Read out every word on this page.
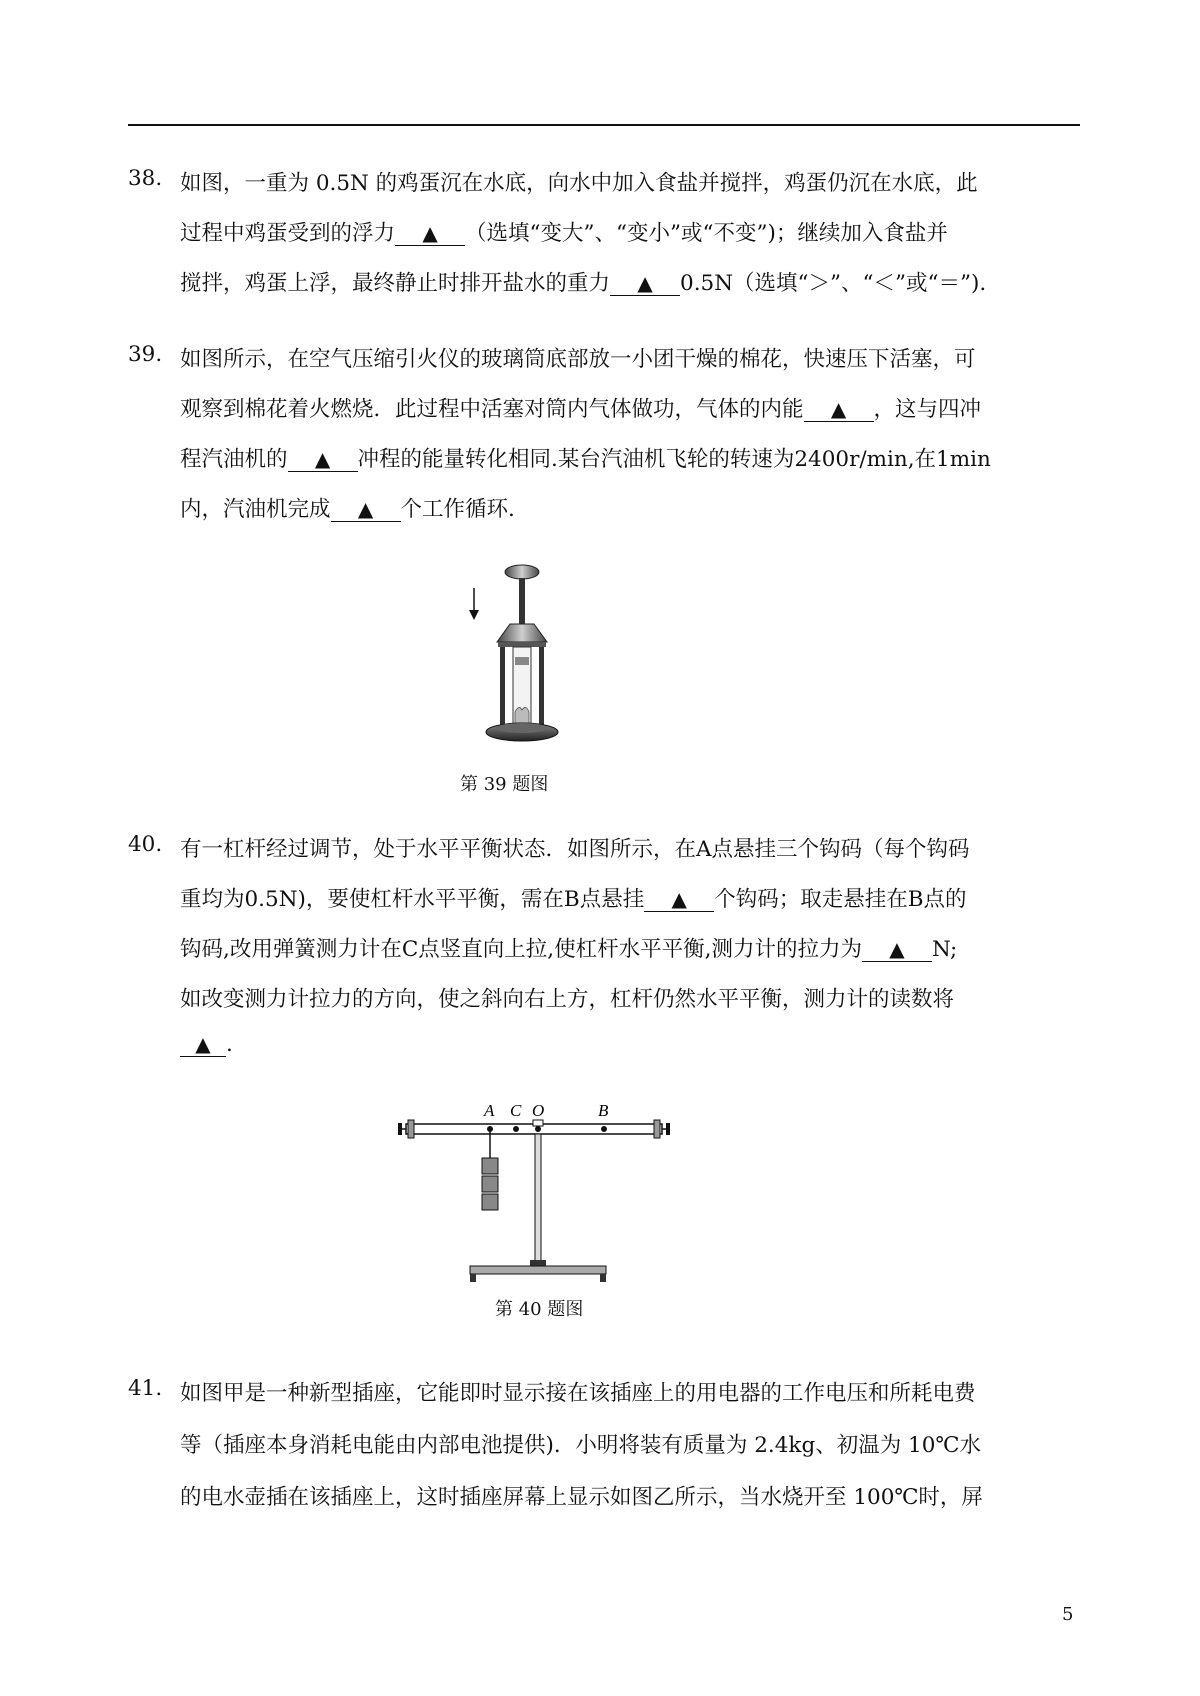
38. 如图，一重为 0.5N 的鸡蛋沉在水底，向水中加入食盐并搅拌，鸡蛋仍沉在水底，此
过程中鸡蛋受到的浮力 ▲ （选填“变大”、“变小”或“不变”)；继续加入食盐并
搅拌，鸡蛋上浮，最终静止时排开盐水的重力 ▲ 0.5N（选填“＞”、“＜”或“＝”).
39. 如图所示，在空气压缩引火仪的玻璃筒底部放一小团干燥的棉花，快速压下活塞，可
观察到棉花着火燃烧．此过程中活塞对筒内气体做功，气体的内能 ▲ ，这与四冲
程汽油机的 ▲ 冲程的能量转化相同.某台汽油机飞轮的转速为2400r/min,在1min
内，汽油机完成 ▲ 个工作循环.
第 39 题图
40. 有一杠杆经过调节，处于水平平衡状态．如图所示，在A点悬挂三个钩码（每个钩码
重均为0.5N)，要使杠杆水平平衡，需在B点悬挂 ▲ 个钩码；取走悬挂在B点的
钩码,改用弹簧测力计在C点竖直向上拉,使杠杆水平平衡,测力计的拉力为 ▲ N;
如改变测力计拉力的方向，使之斜向右上方，杠杆仍然水平平衡，测力计的读数将
▲ .
A C O	B
第 40 题图
41. 如图甲是一种新型插座，它能即时显示接在该插座上的用电器的工作电压和所耗电费
等（插座本身消耗电能由内部电池提供)．小明将装有质量为 2.4kg、初温为 10℃水
的电水壶插在该插座上，这时插座屏幕上显示如图乙所示，当水烧开至 100℃时，屏
5
